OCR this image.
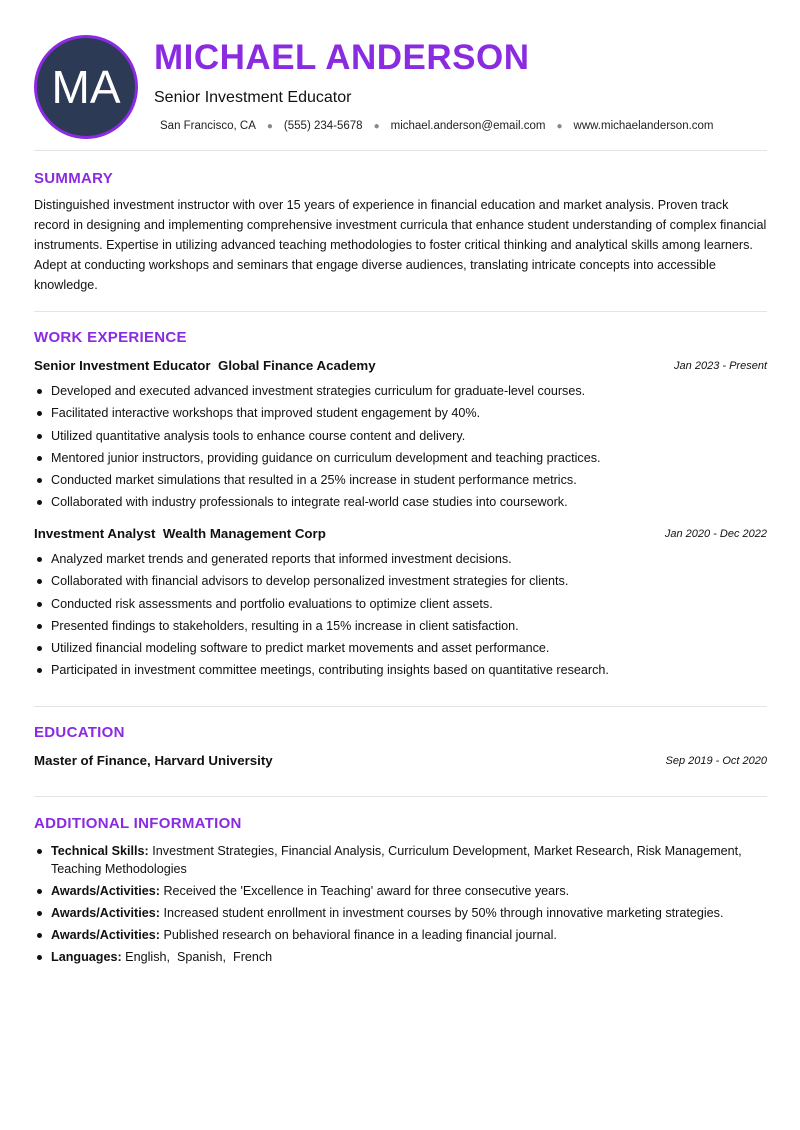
MA
MICHAEL ANDERSON
Senior Investment Educator
San Francisco, CA ● (555) 234-5678 ● michael.anderson@email.com ● www.michaelanderson.com
SUMMARY
Distinguished investment instructor with over 15 years of experience in financial education and market analysis. Proven track record in designing and implementing comprehensive investment curricula that enhance student understanding of complex financial instruments. Expertise in utilizing advanced teaching methodologies to foster critical thinking and analytical skills among learners. Adept at conducting workshops and seminars that engage diverse audiences, translating intricate concepts into accessible knowledge.
WORK EXPERIENCE
Senior Investment Educator  Global Finance Academy	Jan 2023 - Present
Developed and executed advanced investment strategies curriculum for graduate-level courses.
Facilitated interactive workshops that improved student engagement by 40%.
Utilized quantitative analysis tools to enhance course content and delivery.
Mentored junior instructors, providing guidance on curriculum development and teaching practices.
Conducted market simulations that resulted in a 25% increase in student performance metrics.
Collaborated with industry professionals to integrate real-world case studies into coursework.
Investment Analyst  Wealth Management Corp	Jan 2020 - Dec 2022
Analyzed market trends and generated reports that informed investment decisions.
Collaborated with financial advisors to develop personalized investment strategies for clients.
Conducted risk assessments and portfolio evaluations to optimize client assets.
Presented findings to stakeholders, resulting in a 15% increase in client satisfaction.
Utilized financial modeling software to predict market movements and asset performance.
Participated in investment committee meetings, contributing insights based on quantitative research.
EDUCATION
Master of Finance, Harvard University	Sep 2019 - Oct 2020
ADDITIONAL INFORMATION
Technical Skills: Investment Strategies, Financial Analysis, Curriculum Development, Market Research, Risk Management, Teaching Methodologies
Awards/Activities: Received the 'Excellence in Teaching' award for three consecutive years.
Awards/Activities: Increased student enrollment in investment courses by 50% through innovative marketing strategies.
Awards/Activities: Published research on behavioral finance in a leading financial journal.
Languages: English,  Spanish,  French
